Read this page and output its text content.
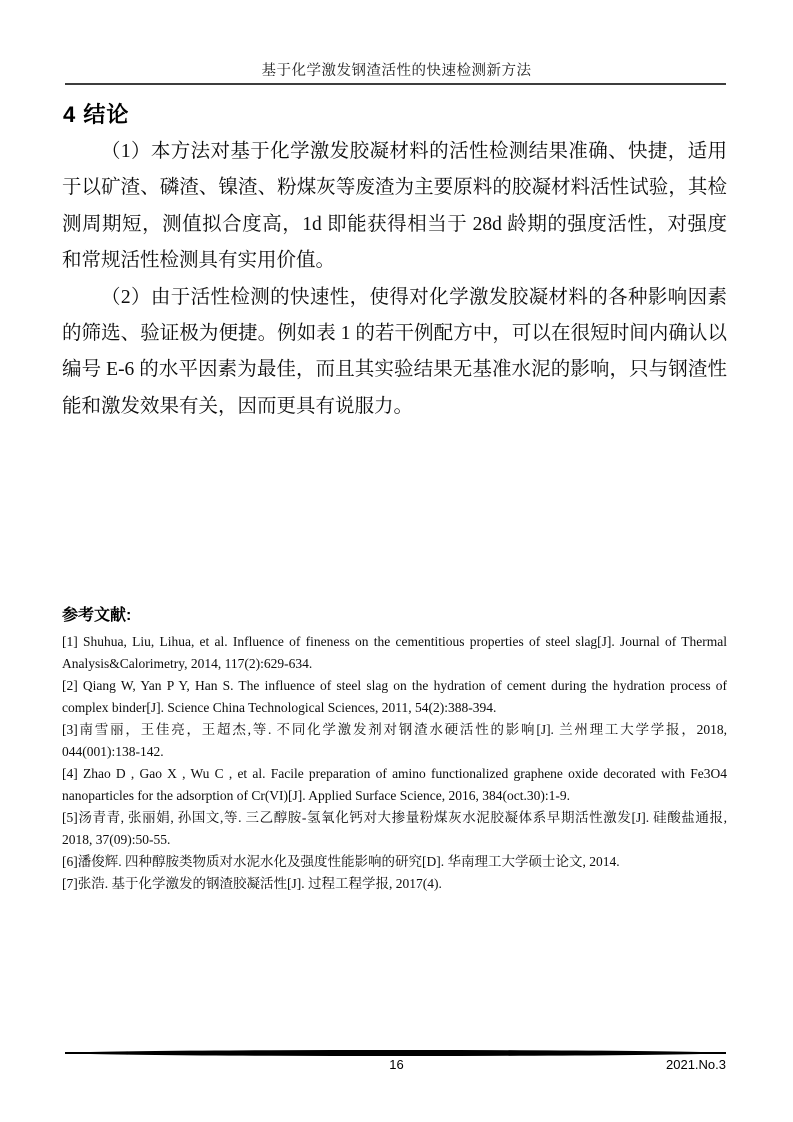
基于化学激发钢渣活性的快速检测新方法
4 结论

（1）本方法对基于化学激发胶凝材料的活性检测结果准确、快捷，适用于以矿渣、磷渣、镍渣、粉煤灰等废渣为主要原料的胶凝材料活性试验，其检测周期短，测值拟合度高，1d 即能获得相当于 28d 龄期的强度活性，对强度和常规活性检测具有实用价值。

（2）由于活性检测的快速性，使得对化学激发胶凝材料的各种影响因素的筛选、验证极为便捷。例如表 1 的若干例配方中，可以在很短时间内确认以编号 E-6 的水平因素为最佳，而且其实验结果无基准水泥的影响，只与钢渣性能和激发效果有关，因而更具有说服力。

参考文献:

[1] Shuhua, Liu, Lihua, et al. Influence of fineness on the cementitious properties of steel slag[J]. Journal of Thermal Analysis&Calorimetry, 2014, 117(2):629-634.

[2] Qiang W, Yan P Y, Han S. The influence of steel slag on the hydration of cement during the hydration process of complex binder[J]. Science China Technological Sciences, 2011, 54(2):388-394.

[3]南雪丽，王佳亮，王超杰,等. 不同化学激发剂对钢渣水硬活性的影响[J]. 兰州理工大学学报，2018, 044(001):138-142.

[4] Zhao D , Gao X , Wu C , et al. Facile preparation of amino functionalized graphene oxide decorated with Fe3O4 nanoparticles for the adsorption of Cr(VI)[J]. Applied Surface Science, 2016, 384(oct.30):1-9.

[5]汤青青, 张丽娟, 孙国文,等. 三乙醇胺-氢氧化钙对大掺量粉煤灰水泥胶凝体系早期活性激发[J]. 硅酸盐通报, 2018, 37(09):50-55.

[6]潘俊辉. 四种醇胺类物质对水泥水化及强度性能影响的研究[D]. 华南理工大学硕士论文, 2014.

[7]张浩. 基于化学激发的钢渣胶凝活性[J]. 过程工程学报, 2017(4).

16	2021.No.3
